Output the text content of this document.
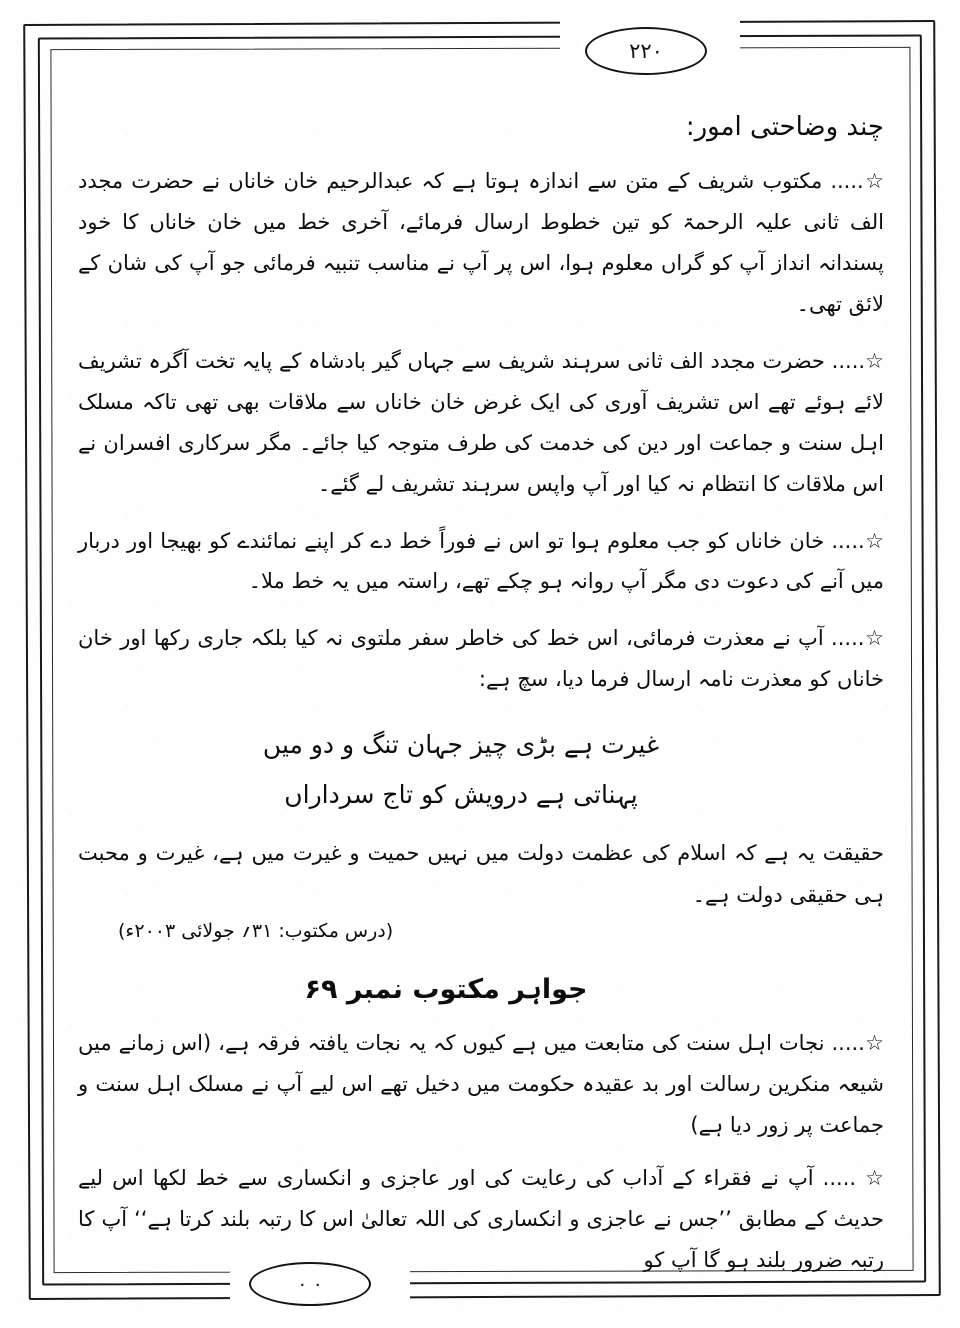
۲۲۰
۰ ۰
چند وضاحتی امور:

☆..... مکتوب شریف کے متن سے اندازہ ہوتا ہے کہ عبدالرحیم خان خاناں نے حضرت مجدد الف ثانی علیہ الرحمۃ کو تین خطوط ارسال فرمائے، آخری خط میں خان خاناں کا خود پسندانہ انداز آپ کو گراں معلوم ہوا، اس پر آپ نے مناسب تنبیہ فرمائی جو آپ کی شان کے لائق تھی۔

☆..... حضرت مجدد الف ثانی سرہند شریف سے جہاں گیر بادشاہ کے پایہ تخت آگرہ تشریف لائے ہوئے تھے اس تشریف آوری کی ایک غرض خان خاناں سے ملاقات بھی تھی تاکہ مسلک اہل سنت و جماعت اور دین کی خدمت کی طرف متوجہ کیا جائے۔ مگر سرکاری افسران نے اس ملاقات کا انتظام نہ کیا اور آپ واپس سرہند تشریف لے گئے۔

☆..... خان خاناں کو جب معلوم ہوا تو اس نے فوراً خط دے کر اپنے نمائندے کو بھیجا اور دربار میں آنے کی دعوت دی مگر آپ روانہ ہو چکے تھے، راستہ میں یہ خط ملا۔

☆..... آپ نے معذرت فرمائی، اس خط کی خاطر سفر ملتوی نہ کیا بلکہ جاری رکھا اور خان خاناں کو معذرت نامہ ارسال فرما دیا، سچ ہے:

غیرت ہے بڑی چیز جہان تنگ و دو میں
پہناتی ہے درویش کو تاج سرداراں

حقیقت یہ ہے کہ اسلام کی عظمت دولت میں نہیں حمیت و غیرت میں ہے، غیرت و محبت ہی حقیقی دولت ہے۔

(درس مکتوب: ۳۱؍ جولائی ۲۰۰۳ء)

جواہر مکتوب نمبر ۶۹

☆..... نجات اہل سنت کی متابعت میں ہے کیوں کہ یہ نجات یافتہ فرقہ ہے، (اس زمانے میں شیعہ منکرین رسالت اور بد عقیدہ حکومت میں دخیل تھے اس لیے آپ نے مسلک اہل سنت و جماعت پر زور دیا ہے)

☆ ..... آپ نے فقراء کے آداب کی رعایت کی اور عاجزی و انکساری سے خط لکھا اس لیے حدیث کے مطابق ’’جس نے عاجزی و انکساری کی اللہ تعالیٰ اس کا رتبہ بلند کرتا ہے‘‘ آپ کا رتبہ ضرور بلند ہو گا آپ کو
